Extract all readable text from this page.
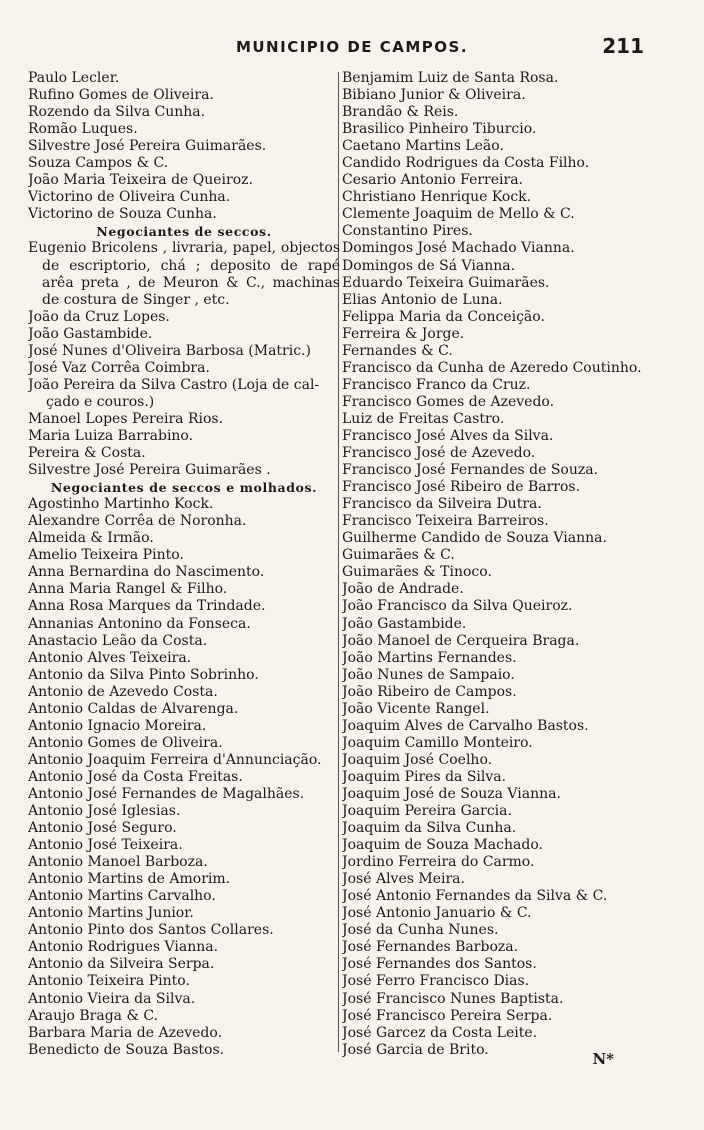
MUNICIPIO DE CAMPOS.	211
Paulo Lecler.
Rufino Gomes de Oliveira.
Rozendo da Silva Cunha.
Romão Luques.
Silvestre José Pereira Guimarães.
Souza Campos & C.
João Maria Teixeira de Queiroz.
Victorino de Oliveira Cunha.
Victorino de Souza Cunha.
Negociantes de seccos.
Eugenio Bricolens , livraria, papel, objectos de escriptorio, chá ; deposito de rapé arêa preta , de Meuron & C., machinas de costura de Singer , etc.
João da Cruz Lopes.
João Gastambide.
José Nunes d'Oliveira Barbosa (Matric.)
José Vaz Corrêa Coimbra.
João Pereira da Silva Castro (Loja de cal-
çado e couros.)
Manoel Lopes Pereira Rios.
Maria Luiza Barrabino.
Pereira & Costa.
Silvestre José Pereira Guimarães .
Negociantes de seccos e molhados.
Agostinho Martinho Kock.
Alexandre Corrêa de Noronha.
Almeida & Irmão.
Amelio Teixeira Pinto.
Anna Bernardina do Nascimento.
Anna Maria Rangel & Filho.
Anna Rosa Marques da Trindade.
Annanias Antonino da Fonseca.
Anastacio Leão da Costa.
Antonio Alves Teixeira.
Antonio da Silva Pinto Sobrinho.
Antonio de Azevedo Costa.
Antonio Caldas de Alvarenga.
Antonio Ignacio Moreira.
Antonio Gomes de Oliveira.
Antonio Joaquim Ferreira d'Annunciação.
Antonio José da Costa Freitas.
Antonio José Fernandes de Magalhães.
Antonio José Iglesias.
Antonio José Seguro.
Antonio José Teixeira.
Antonio Manoel Barboza.
Antonio Martins de Amorim.
Antonio Martins Carvalho.
Antonio Martins Junior.
Antonio Pinto dos Santos Collares.
Antonio Rodrigues Vianna.
Antonio da Silveira Serpa.
Antonio Teixeira Pinto.
Antonio Vieira da Silva.
Araujo Braga & C.
Barbara Maria de Azevedo.
Benedicto de Souza Bastos.
Benjamim Luiz de Santa Rosa.
Bibiano Junior & Oliveira.
Brandão & Reis.
Brasilico Pinheiro Tiburcio.
Caetano Martins Leão.
Candido Rodrigues da Costa Filho.
Cesario Antonio Ferreira.
Christiano Henrique Kock.
Clemente Joaquim de Mello & C.
Constantino Pires.
Domingos José Machado Vianna.
Domingos de Sá Vianna.
Eduardo Teixeira Guimarães.
Elias Antonio de Luna.
Felippa Maria da Conceição.
Ferreira & Jorge.
Fernandes & C.
Francisco da Cunha de Azeredo Coutinho.
Francisco Franco da Cruz.
Francisco Gomes de Azevedo.
Luiz de Freitas Castro.
Francisco José Alves da Silva.
Francisco José de Azevedo.
Francisco José Fernandes de Souza.
Francisco José Ribeiro de Barros.
Francisco da Silveira Dutra.
Francisco Teixeira Barreiros.
Guilherme Candido de Souza Vianna.
Guimarães & C.
Guimarães & Tinoco.
João de Andrade.
João Francisco da Silva Queiroz.
João Gastambide.
João Manoel de Cerqueira Braga.
João Martins Fernandes.
João Nunes de Sampaio.
João Ribeiro de Campos.
João Vicente Rangel.
Joaquim Alves de Carvalho Bastos.
Joaquim Camillo Monteiro.
Joaquim José Coelho.
Joaquim Pires da Silva.
Joaquim José de Souza Vianna.
Joaquim Pereira Garcia.
Joaquim da Silva Cunha.
Joaquim de Souza Machado.
Jordino Ferreira do Carmo.
José Alves Meira.
José Antonio Fernandes da Silva & C.
José Antonio Januario & C.
José da Cunha Nunes.
José Fernandes Barboza.
José Fernandes dos Santos.
José Ferro Francisco Dias.
José Francisco Nunes Baptista.
José Francisco Pereira Serpa.
José Garcez da Costa Leite.
José Garcia de Brito.
N*
